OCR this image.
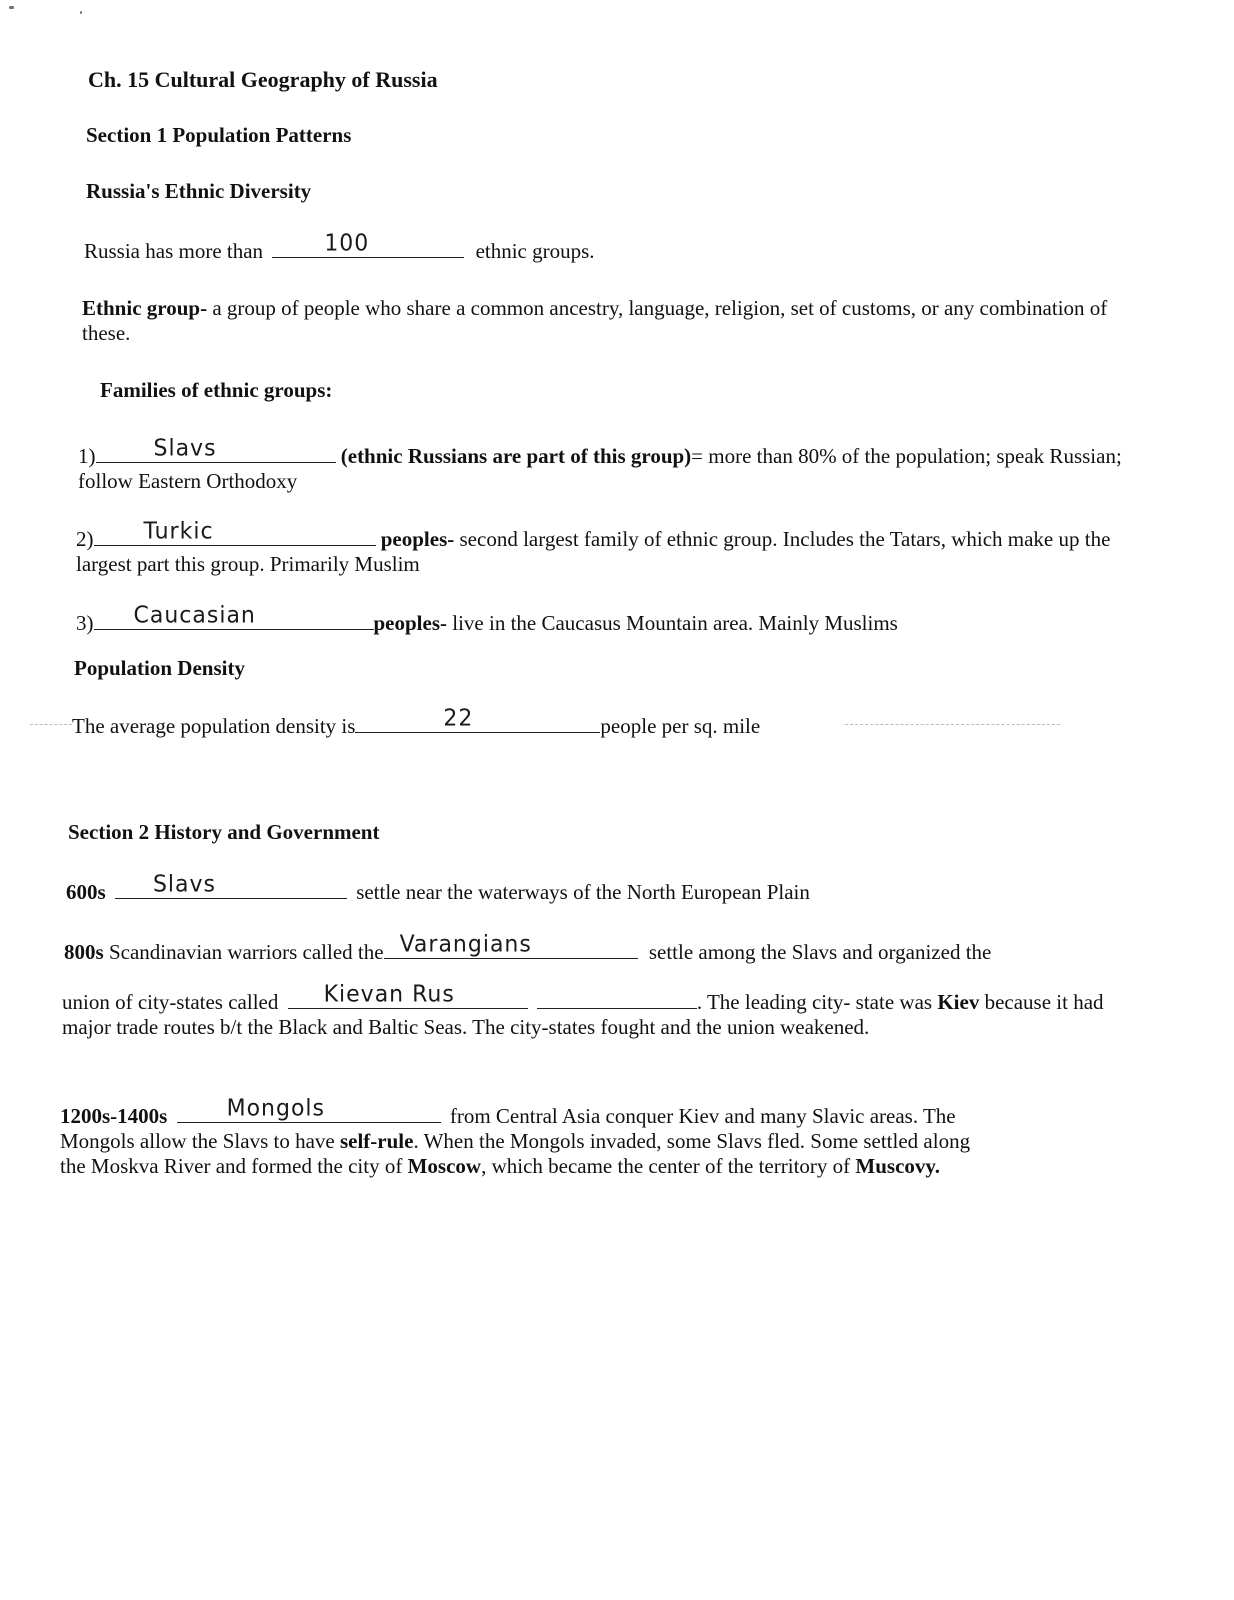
Ch. 15 Cultural Geography of Russia
Section 1 Population Patterns
Russia's Ethnic Diversity
Russia has more than	100	ethnic groups.
Ethnic group- a group of people who share a common ancestry, language, religion, set of customs, or any combination of these.
Families of ethnic groups:
1)	Slavs	(ethnic Russians are part of this group)= more than 80% of the population; speak Russian; follow Eastern Orthodoxy
2) Turkic	peoples- second largest family of ethnic group. Includes the Tatars, which make up the largest part this group. Primarily Muslim
3) Caucasian	peoples- live in the Caucasus Mountain area. Mainly Muslims
Population Density
The average population density is	22	people per sq. mile
Section 2 History and Government
600s Slavs	settle near the waterways of the North European Plain
800s Scandinavian warriors called the Varangians	settle among the Slavs and organized the
union of city-states called Kievan Rus	. The leading city- state was Kiev because it had major trade routes b/t the Black and Baltic Seas. The city-states fought and the union weakened.
1200s-1400s	Mongols	from Central Asia conquer Kiev and many Slavic areas. The
Mongols allow the Slavs to have self-rule. When the Mongols invaded, some Slavs fled. Some settled along
the Moskva River and formed the city of Moscow, which became the center of the territory of Muscovy.
